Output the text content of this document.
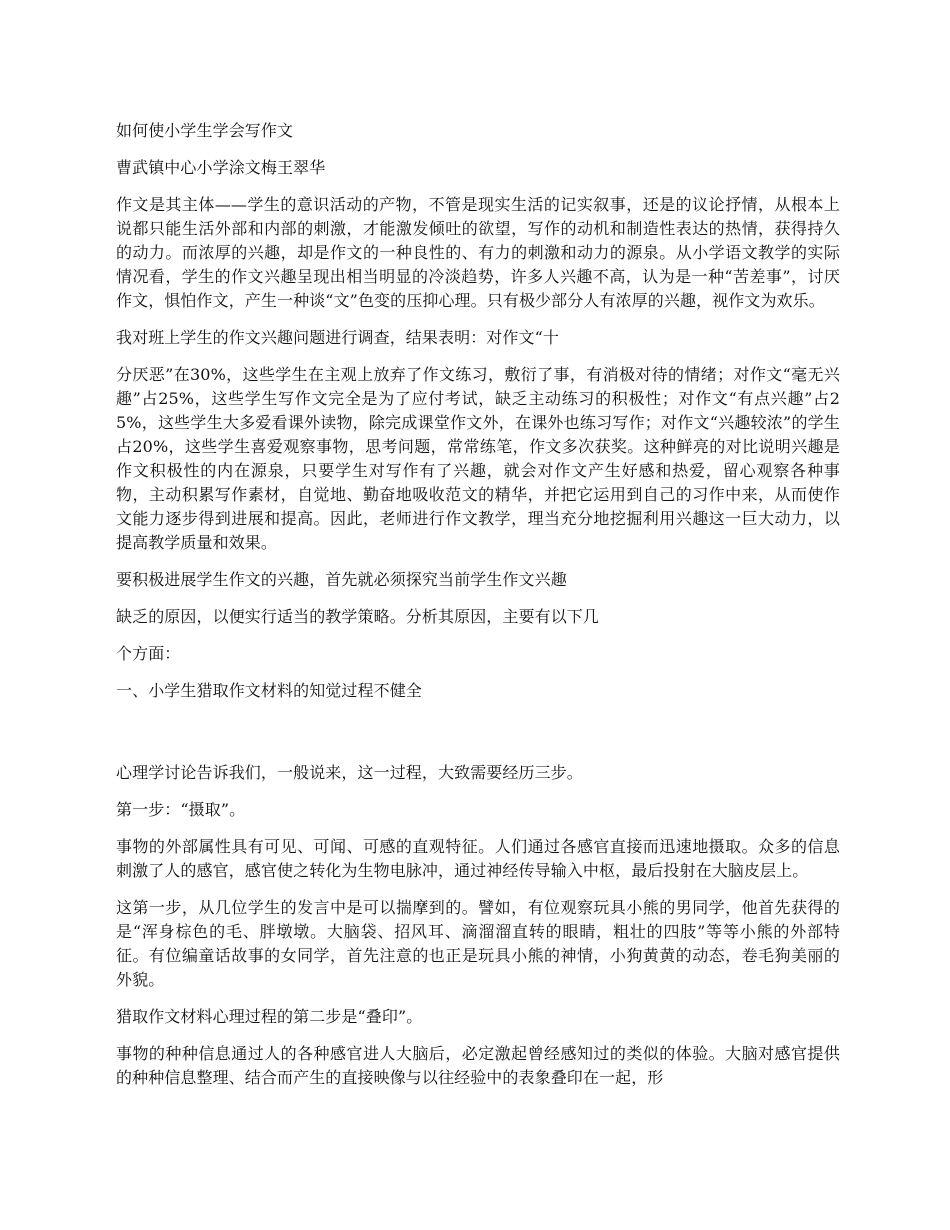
如何使小学生学会写作文

曹武镇中心小学涂文梅王翠华

作文是其主体——学生的意识活动的产物，不管是现实生活的记实叙事，还是的议论抒情，从根本上说都只能生活外部和内部的刺激，才能激发倾吐的欲望，写作的动机和制造性表达的热情，获得持久的动力。而浓厚的兴趣，却是作文的一种良性的、有力的刺激和动力的源泉。从小学语文教学的实际情况看，学生的作文兴趣呈现出相当明显的冷淡趋势，许多人兴趣不高，认为是一种“苦差事”，讨厌作文，惧怕作文，产生一种谈“文”色变的压抑心理。只有极少部分人有浓厚的兴趣，视作文为欢乐。

我对班上学生的作文兴趣问题进行调查，结果表明：对作文“十

分厌恶”在30%，这些学生在主观上放弃了作文练习，敷衍了事，有消极对待的情绪；对作文“毫无兴趣”占25%，这些学生写作文完全是为了应付考试，缺乏主动练习的积极性；对作文“有点兴趣”占25%，这些学生大多爱看课外读物，除完成课堂作文外，在课外也练习写作；对作文“兴趣较浓”的学生占20%，这些学生喜爱观察事物，思考问题，常常练笔，作文多次获奖。这种鲜亮的对比说明兴趣是作文积极性的内在源泉，只要学生对写作有了兴趣，就会对作文产生好感和热爱，留心观察各种事物，主动积累写作素材，自觉地、勤奋地吸收范文的精华，并把它运用到自己的习作中来，从而使作文能力逐步得到进展和提高。因此，老师进行作文教学，理当充分地挖掘利用兴趣这一巨大动力，以提高教学质量和效果。

要积极进展学生作文的兴趣，首先就必须探究当前学生作文兴趣

缺乏的原因，以便实行适当的教学策略。分析其原因，主要有以下几

个方面：

一、小学生猎取作文材料的知觉过程不健全

心理学讨论告诉我们，一般说来，这一过程，大致需要经历三步。

第一步：“摄取”。

事物的外部属性具有可见、可闻、可感的直观特征。人们通过各感官直接而迅速地摄取。众多的信息刺激了人的感官，感官使之转化为生物电脉冲，通过神经传导输入中枢，最后投射在大脑皮层上。

这第一步，从几位学生的发言中是可以揣摩到的。譬如，有位观察玩具小熊的男同学，他首先获得的是“浑身棕色的毛、胖墩墩。大脑袋、招风耳、滴溜溜直转的眼睛，粗壮的四肢”等等小熊的外部特征。有位编童话故事的女同学，首先注意的也正是玩具小熊的神情，小狗黄黄的动态，卷毛狗美丽的外貌。

猎取作文材料心理过程的第二步是“叠印”。

事物的种种信息通过人的各种感官进人大脑后，必定激起曾经感知过的类似的体验。大脑对感官提供的种种信息整理、结合而产生的直接映像与以往经验中的表象叠印在一起，形
